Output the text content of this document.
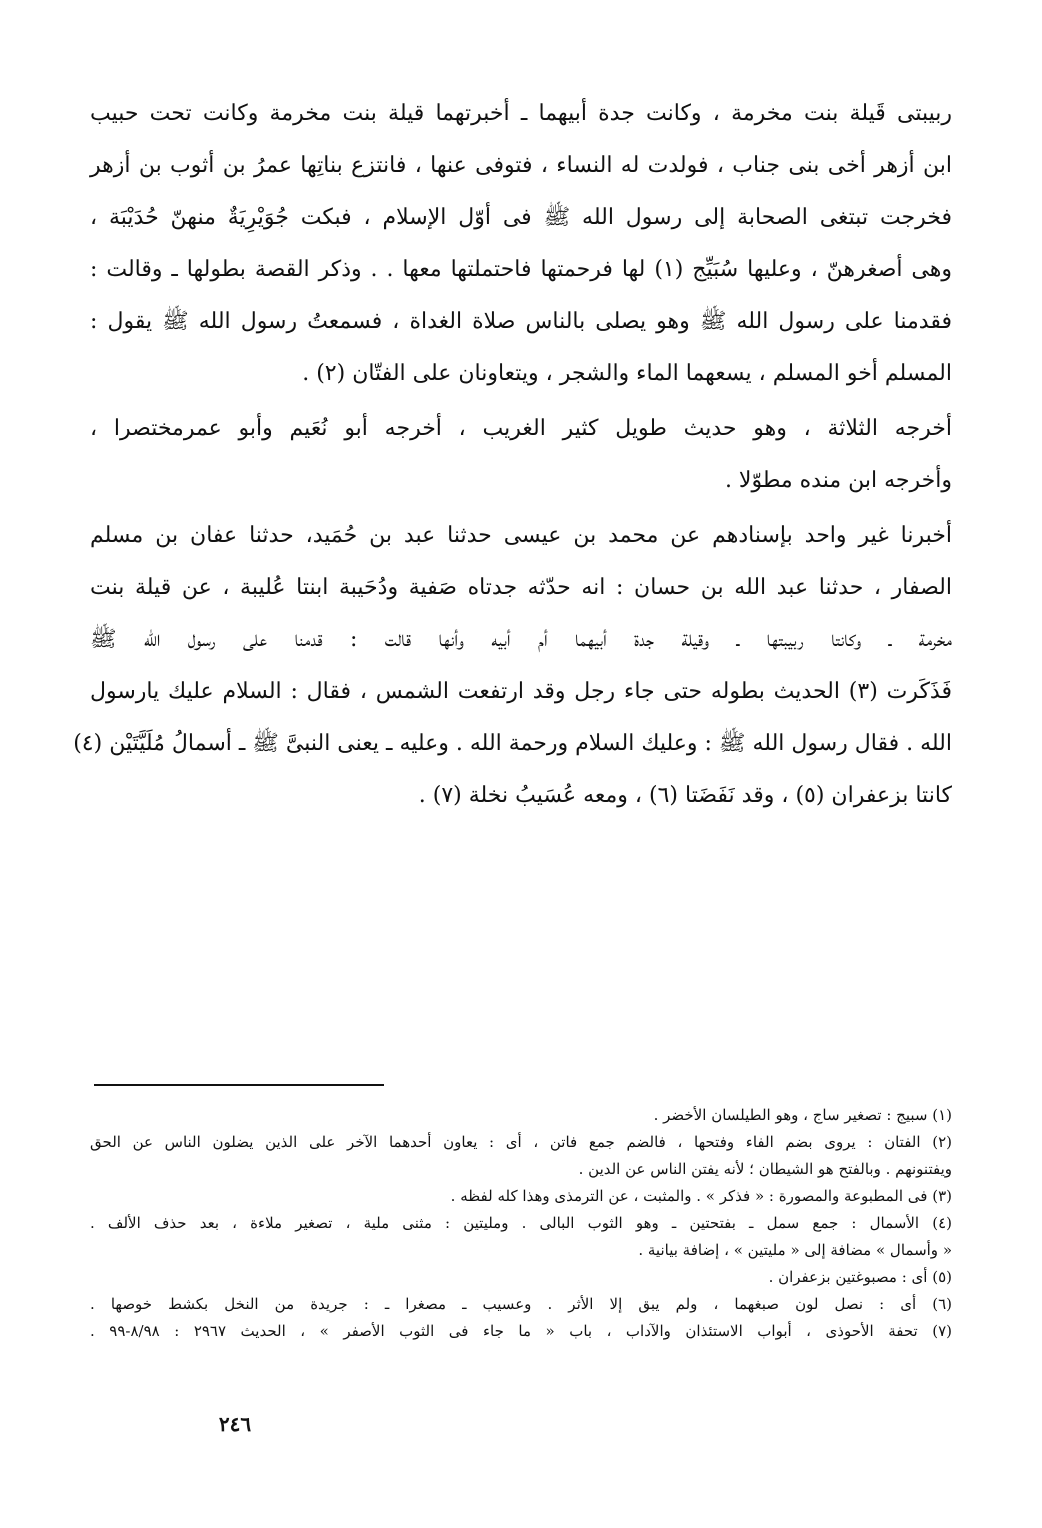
ربيبتى قَيلة بنت مخرمة ، وكانت جدة أبيهما ـ أخبرتهما قيلة بنت مخرمة وكانت تحت حبيب
ابن أزهر أخى بنى جناب ، فولدت له النساء ، فتوفى عنها ، فانتزع بناتِها عمرُ بن أثوب بن أزهر
فخرجت تبتغى الصحابة إلى رسول الله ﷺ فى أوّل الإسلام ، فبكت جُوَيْرِيَةٌ منهنّ حُدَيْبَة ،
وهى أصغرهنّ ، وعليها سُبَيِّج (١) لها فرحمتها فاحتملتها معها . . وذكر القصة بطولها ـ وقالت :
فقدمنا على رسول الله ﷺ وهو يصلى بالناس صلاة الغداة ، فسمعتُ رسول الله ﷺ يقول :
المسلم أخو المسلم ، يسعهما الماء والشجر ، ويتعاونان على الفتّان (٢) .
أخرجه الثلاثة ، وهو حديث طويل كثير الغريب ، أخرجه أبو نُعَيم وأبو عمرمختصرا ،
وأخرجه ابن منده مطوّلا .
أخبرنا غير واحد بإسنادهم عن محمد بن عيسى حدثنا عبد بن حُمَيد، حدثنا عفان بن مسلم
الصفار ، حدثنا عبد الله بن حسان : انه حدّثه جدتاه صَفية ودُحَيبة ابنتا عُليبة ، عن قيلة بنت
مخرمة ـ وكانتا ربيبتها ـ وقيلة جدة أبيهما أم أبيه وأنها قالت : قدمنا على رسول الله ﷺ
فَذَكَرت (٣) الحديث بطوله حتى جاء رجل وقد ارتفعت الشمس ، فقال : السلام عليك يارسول
الله . فقال رسول الله ﷺ : وعليك السلام ورحمة الله . وعليه ـ يعنى النبىَّ ﷺ ـ أسمالُ مُلَيَّتَيْن (٤)
كانتا بزعفران (٥) ، وقد نَفَضَتا (٦) ، ومعه عُسَيبُ نخلة (٧) .
(١) سبيج : تصغير ساج ، وهو الطيلسان الأخضر .
(٢) الفتان : يروى بضم الفاء وفتحها ، فالضم جمع فاتن ، أى : يعاون أحدهما الآخر على الذين يضلون الناس عن الحق
ويفتنونهم . وبالفتح هو الشيطان ؛ لأنه يفتن الناس عن الدين .
(٣) فى المطبوعة والمصورة : « فذكر » . والمثبت ، عن الترمذى وهذا كله لفظه .
(٤) الأسمال : جمع سمل ـ بفتحتين ـ وهو الثوب البالى . ومليتين : مثنى ملية ، تصغير ملاءة ، بعد حذف الألف .
« وأسمال » مضافة إلى « مليتين » ، إضافة بيانية .
(٥) أى : مصبوغتين بزعفران .
(٦) أى : نصل لون صبغهما ، ولم يبق إلا الأثر . وعسيب ـ مصغرا ـ : جريدة من النخل بكشط خوصها .
(٧) تحفة الأحوذى ، أبواب الاستئذان والآداب ، باب « ما جاء فى الثوب الأصفر » ، الحديث ٢٩٦٧ : ٨/٩٨-٩٩ .
٢٤٦
